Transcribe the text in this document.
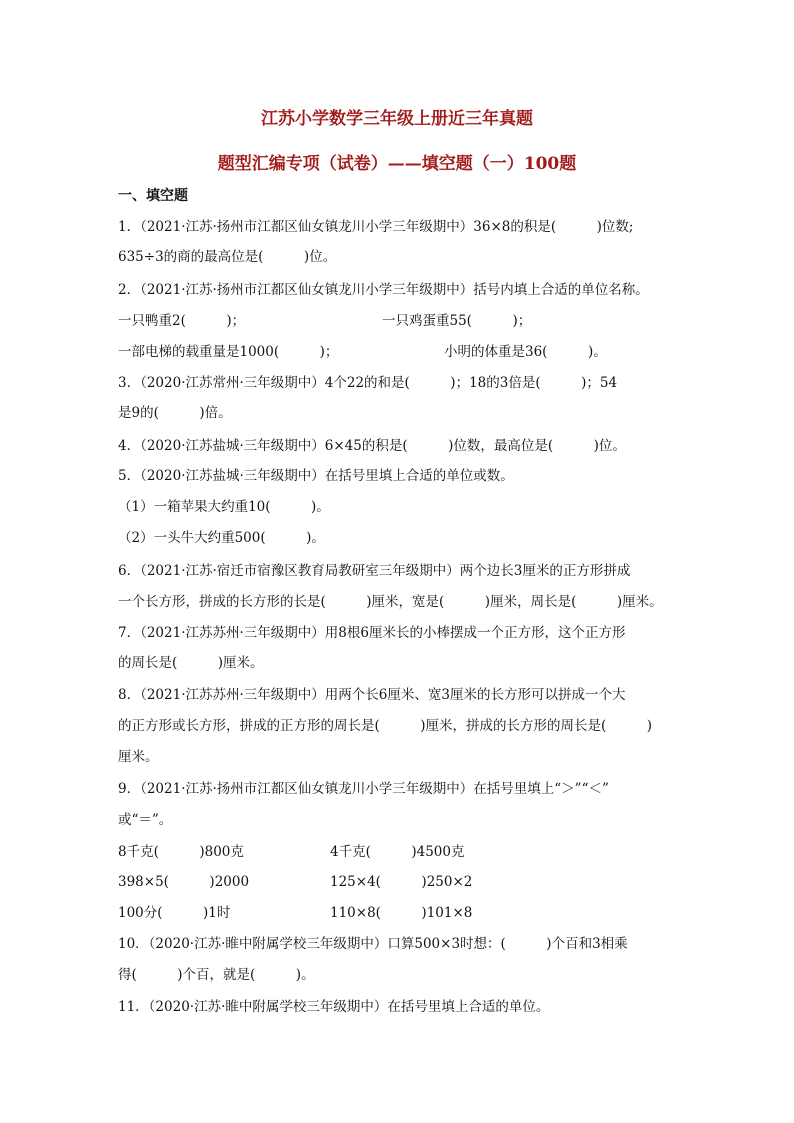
江苏小学数学三年级上册近三年真题
题型汇编专项（试卷）——填空题（一）100题
一、填空题
1．（2021·江苏·扬州市江都区仙女镇龙川小学三年级期中）36×8的积是(　　　)位数;
635÷3的商的最高位是(　　　)位。
2．（2021·江苏·扬州市江都区仙女镇龙川小学三年级期中）括号内填上合适的单位名称。
一只鸭重2(　　　)；	一只鸡蛋重55(　　　)；
一部电梯的载重量是1000(　　　)；	小明的体重是36(　　　)。
3．（2020·江苏常州·三年级期中）4个22的和是(　　　)；18的3倍是(　　　)；54
是9的(　　　)倍。
4．（2020·江苏盐城·三年级期中）6×45的积是(　　　)位数，最高位是(　　　)位。
5．（2020·江苏盐城·三年级期中）在括号里填上合适的单位或数。
（1）一箱苹果大约重10(　　　)。
（2）一头牛大约重500(　　　)。
6．（2021·江苏·宿迁市宿豫区教育局教研室三年级期中）两个边长3厘米的正方形拼成
一个长方形，拼成的长方形的长是(　　　)厘米，宽是(　　　)厘米，周长是(　　　)厘米。
7．（2021·江苏苏州·三年级期中）用8根6厘米长的小棒摆成一个正方形，这个正方形
的周长是(　　　)厘米。
8．（2021·江苏苏州·三年级期中）用两个长6厘米、宽3厘米的长方形可以拼成一个大
的正方形或长方形，拼成的正方形的周长是(　　　)厘米，拼成的长方形的周长是(　　　)
厘米。
9．（2021·江苏·扬州市江都区仙女镇龙川小学三年级期中）在括号里填上“＞”“＜”
或“＝”。
8千克(　　　)800克	4千克(　　　)4500克
398×5(　　　)2000	125×4(　　　)250×2
100分(　　　)1时	110×8(　　　)101×8
10．（2020·江苏·睢中附属学校三年级期中）口算500×3时想：(　　　)个百和3相乘
得(　　　)个百，就是(　　　)。
11．（2020·江苏·睢中附属学校三年级期中）在括号里填上合适的单位。
